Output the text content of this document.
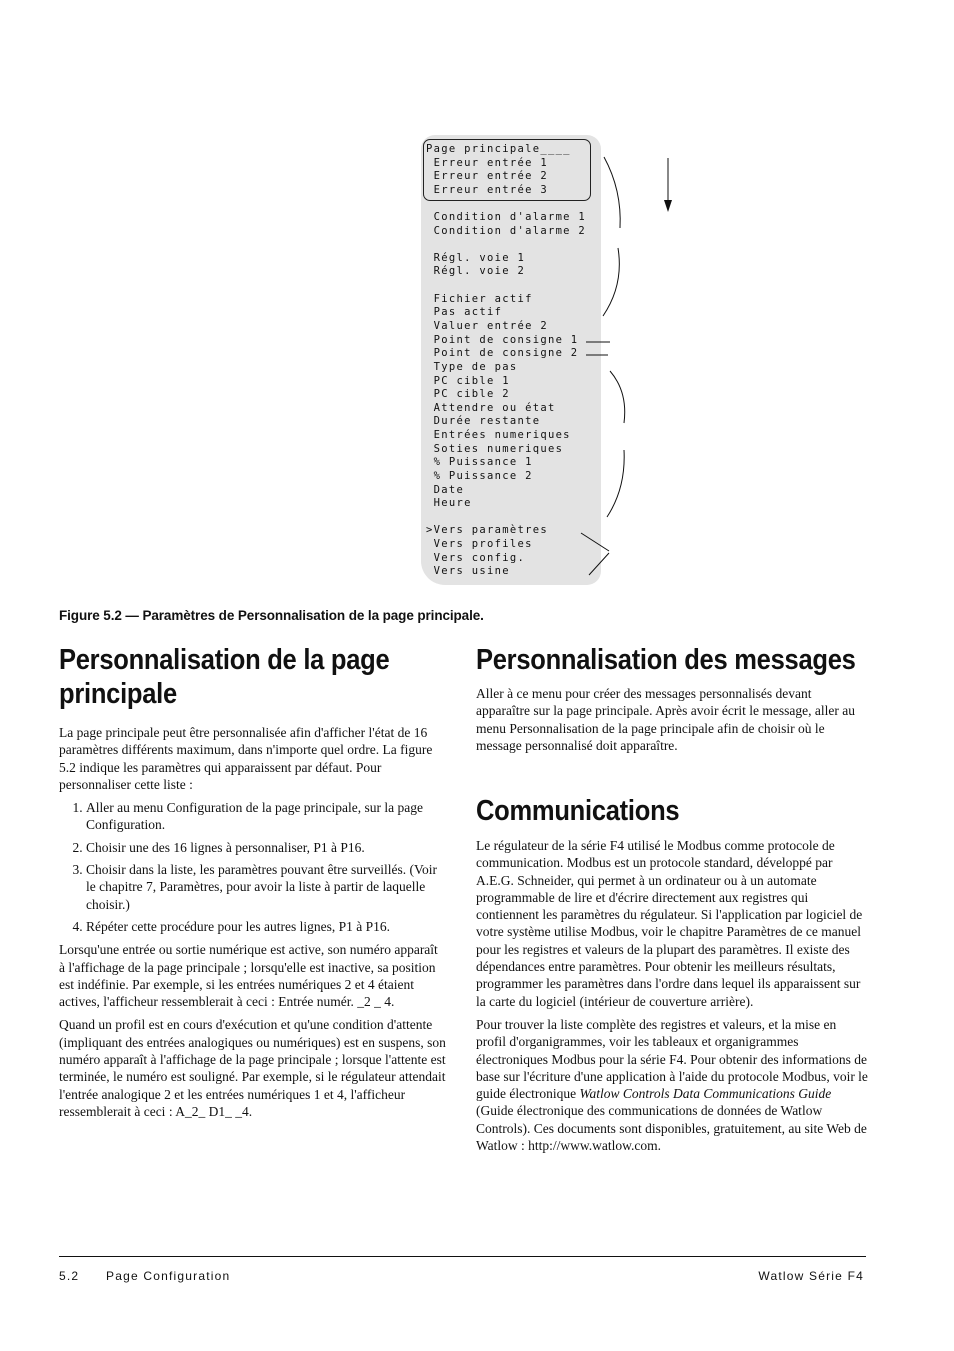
Page principale____
Erreur entrée 1
Erreur entrée 2
Erreur entrée 3
Condition d'alarme 1
Condition d'alarme 2
Régl. voie 1
Régl. voie 2
Fichier actif
Pas actif
Valuer entrée 2
Point de consigne 1
Point de consigne 2
Type de pas
PC cible 1
PC cible 2
Attendre ou état
Durée restante
Entrées numeriques
Soties numeriques
% Puissance 1
% Puissance 2
Date
Heure
>Vers paramètres
Vers profiles
Vers config.
Vers usine
Figure 5.2 — Paramètres de Personnalisation de la page principale.
Personnalisation de la page
principale

La page principale peut être personnalisée afin d'afficher l'état de 16 paramètres différents maximum, dans n'importe quel ordre. La figure 5.2 indique les paramètres qui apparaissent par défaut. Pour personnaliser cette liste :

1. Aller au menu Configuration de la page principale, sur la page Configuration.
2. Choisir une des 16 lignes à personnaliser, P1 à P16.
3. Choisir dans la liste, les paramètres pouvant être surveillés. (Voir le chapitre 7, Paramètres, pour avoir la liste à partir de laquelle choisir.)
4. Répéter cette procédure pour les autres lignes, P1 à P16.

Lorsqu'une entrée ou sortie numérique est active, son numéro apparaît à l'affichage de la page principale ; lorsqu'elle est inactive, sa position est indéfinie. Par exemple, si les entrées numériques 2 et 4 étaient actives, l'afficheur ressemblerait à ceci : Entrée numér. _2 _ 4.

Quand un profil est en cours d'exécution et qu'une condition d'attente (impliquant des entrées analogiques ou numériques) est en suspens, son numéro apparaît à l'affichage de la page principale ; lorsque l'attente est terminée, le numéro est souligné. Par exemple, si le régulateur attendait l'entrée analogique 2 et les entrées numériques 1 et 4, l'afficheur ressemblerait à ceci : A_2_ D1_ _4.

Personnalisation des messages

Aller à ce menu pour créer des messages personnalisés devant apparaître sur la page principale. Après avoir écrit le message, aller au menu Personnalisation de la page principale afin de choisir où le message personnalisé doit apparaître.

Communications

Le régulateur de la série F4 utilisé le Modbus comme protocole de communication. Modbus est un protocole standard, développé par A.E.G. Schneider, qui permet à un ordinateur ou à un automate programmable de lire et d'écrire directement aux registres qui contiennent les paramètres du régulateur. Si l'application par logiciel de votre système utilise Modbus, voir le chapitre Paramètres de ce manuel pour les registres et valeurs de la plupart des paramètres. Il existe des dépendances entre paramètres. Pour obtenir les meilleurs résultats, programmer les paramètres dans l'ordre dans lequel ils apparaissent sur la carte du logiciel (intérieur de couverture arrière).

Pour trouver la liste complète des registres et valeurs, et la mise en profil d'organigrammes, voir les tableaux et organigrammes électroniques Modbus pour la série F4. Pour obtenir des informations de base sur l'écriture d'une application à l'aide du protocole Modbus, voir le guide électronique Watlow Controls Data Communications Guide (Guide électronique des communications de données de Watlow Controls). Ces documents sont disponibles, gratuitement, au site Web de Watlow : http://www.watlow.com.

5.2 Page Configuration	Watlow Série F4
